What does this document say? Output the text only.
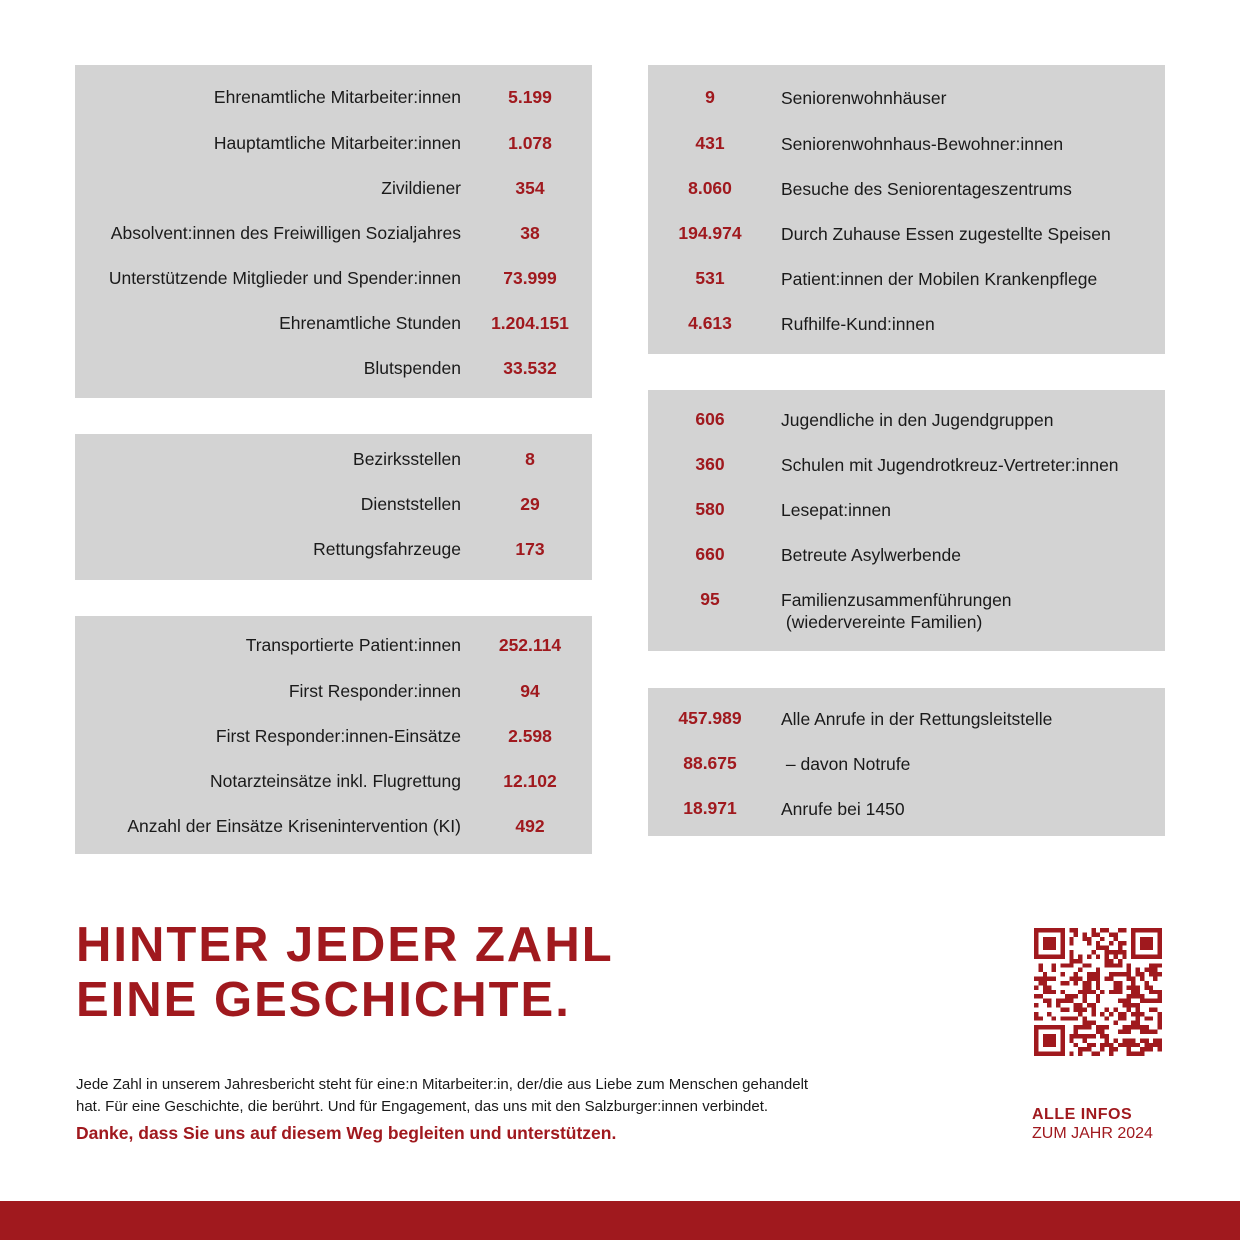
Ehrenamtliche Mitarbeiter:innen	5.199
Hauptamtliche Mitarbeiter:innen	1.078
Zivildiener	354
Absolvent:innen des Freiwilligen Sozialjahres	38
Unterstützende Mitglieder und Spender:innen	73.999
Ehrenamtliche Stunden	1.204.151
Blutspenden	33.532
Bezirksstellen	8
Dienststellen	29
Rettungsfahrzeuge	173
Transportierte Patient:innen	252.114
First Responder:innen	94
First Responder:innen-Einsätze	2.598
Notarzteinsätze inkl. Flugrettung	12.102
Anzahl der Einsätze Krisenintervention (KI)	492
9	Seniorenwohnhäuser
431	Seniorenwohnhaus-Bewohner:innen
8.060	Besuche des Seniorentageszentrums
194.974	Durch Zuhause Essen zugestellte Speisen
531	Patient:innen der Mobilen Krankenpflege
4.613	Rufhilfe-Kund:innen
606	Jugendliche in den Jugendgruppen
360	Schulen mit Jugendrotkreuz-Vertreter:innen
580	Lesepat:innen
660	Betreute Asylwerbende
95	Familienzusammenführungen
(wiedervereinte Familien)
457.989	Alle Anrufe in der Rettungsleitstelle
88.675	– davon Notrufe
18.971	Anrufe bei 1450
HINTER JEDER ZAHL
EINE GESCHICHTE.
Jede Zahl in unserem Jahresbericht steht für eine:n Mitarbeiter:in, der/die aus Liebe zum Menschen gehandelt hat. Für eine Geschichte, die berührt. Und für Engagement, das uns mit den Salzburger:innen verbindet.
Danke, dass Sie uns auf diesem Weg begleiten und unterstützen.
ALLE INFOS
ZUM JAHR 2024
